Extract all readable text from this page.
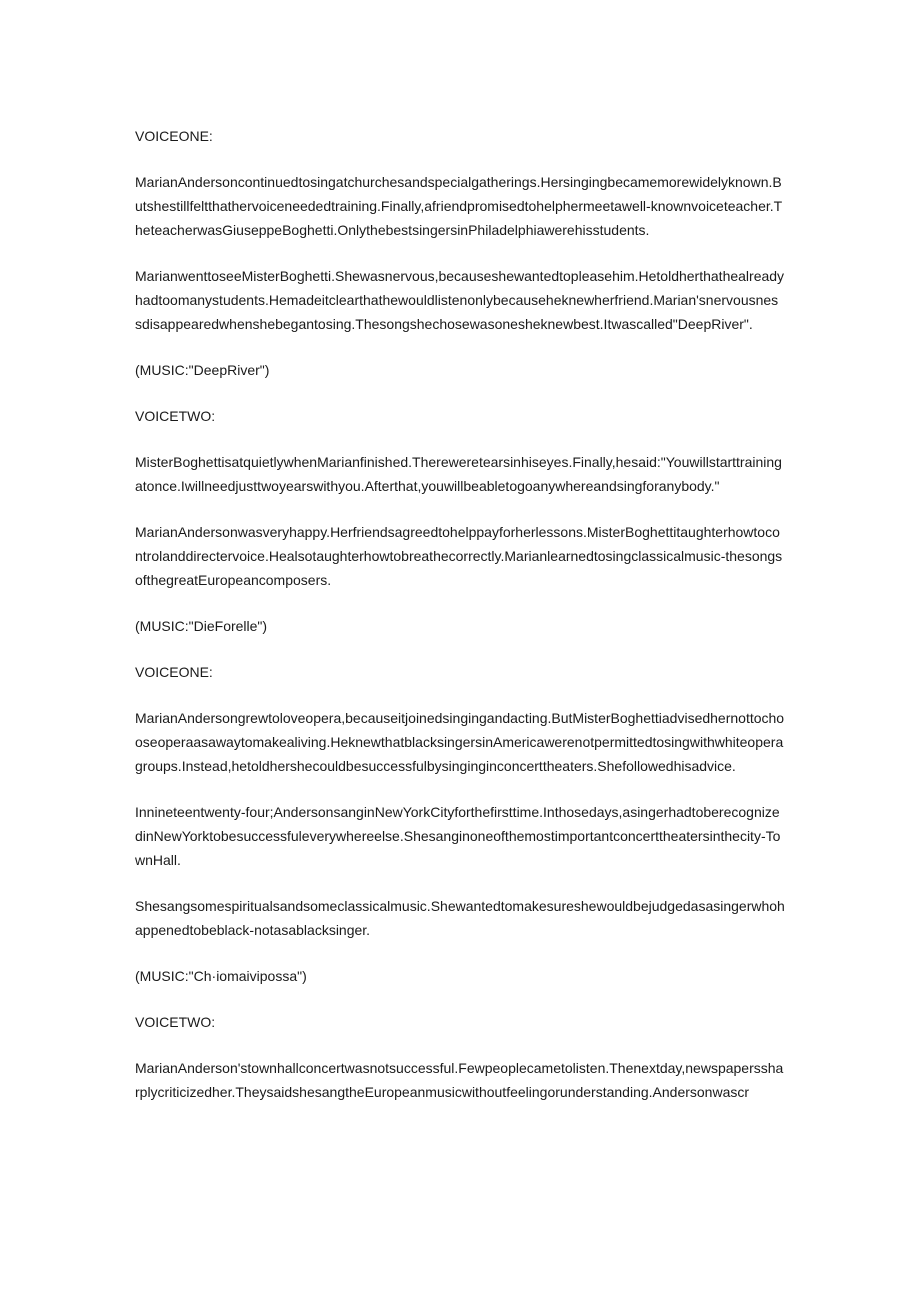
VOICEONE:

MarianAndersoncontinuedtosingatchurchesandspecialgatherings.Hersingingbecamemorewidelyknown.Butshestillfeltthathervoiceneededtraining.Finally,afriendpromisedtohelphermeetawell-knownvoiceteacher.TheteacherwasGiuseppeBoghetti.OnlythebestsingersinPhiladelphiawerehisstudents.

MarianwenttoseeMisterBoghetti.Shewasnervous,becauseshewantedtopleasehim.Hetoldherthathealreadyhadtoomanystudents.Hemadeitclearthathewouldlistenonlybecauseheknewherfriend.Marian'snervousnessdisappearedwhenshebegantosing.Thesongshechosewasonesheknewbest.Itwascalled"DeepRiver".

(MUSIC:"DeepRiver")

VOICETWO:

MisterBoghettisatquietlywhenMarianfinished.Thereweretearsinhiseyes.Finally,hesaid:"Youwillstarttrainingatonce.Iwillneedjusttwoyearswithyou.Afterthat,youwillbeabletogoanywhereandsingforanybody."

MarianAndersonwasveryhappy.Herfriendsagreedtohelppayforherlessons.MisterBoghettitaughterhowtocontrolanddirectervoice.Healsotaughterhowtobreathecorrectly.Marianlearnedtosingclassicalmusic-thesongsofthegreatEuropeancomposers.

(MUSIC:"DieForelle")

VOICEONE:

MarianAndersongrewtoloveopera,becauseitjoinedsingingandacting.ButMisterBoghettiadvisedhernottochooseoperaasawaytomakealiving.HeknewthatblacksingersinAmericawerenotpermittedtosingwithwhiteoperagroups.Instead,hetoldhershecouldbesuccessfulbysinginginconcerttheaters.Shefollowedhisadvice.

Innineteentwenty-four;AndersonsanginNewYorkCityforthefirsttime.Inthosedays,asingerhadtoberecognizedinNewYorktobesuccessfuleverywhereelse.Shesanginoneofthemostimportantconcerttheatersinthecity-TownHall.

Shesangsomespiritualsandsomeclassicalmusic.Shewantedtomakesureshewouldbejudgedasasingerwhohappenedtobeblack-notasablacksinger.

(MUSIC:"Ch·iomaivipossa")

VOICETWO:

MarianAnderson'stownhallconcertwasnotsuccessful.Fewpeoplecametolisten.Thenextday,newspaperssharplycriticizedher.TheysaidshesangtheEuropeanmusicwithoutfeelingorunderstanding.Andersonwascr
